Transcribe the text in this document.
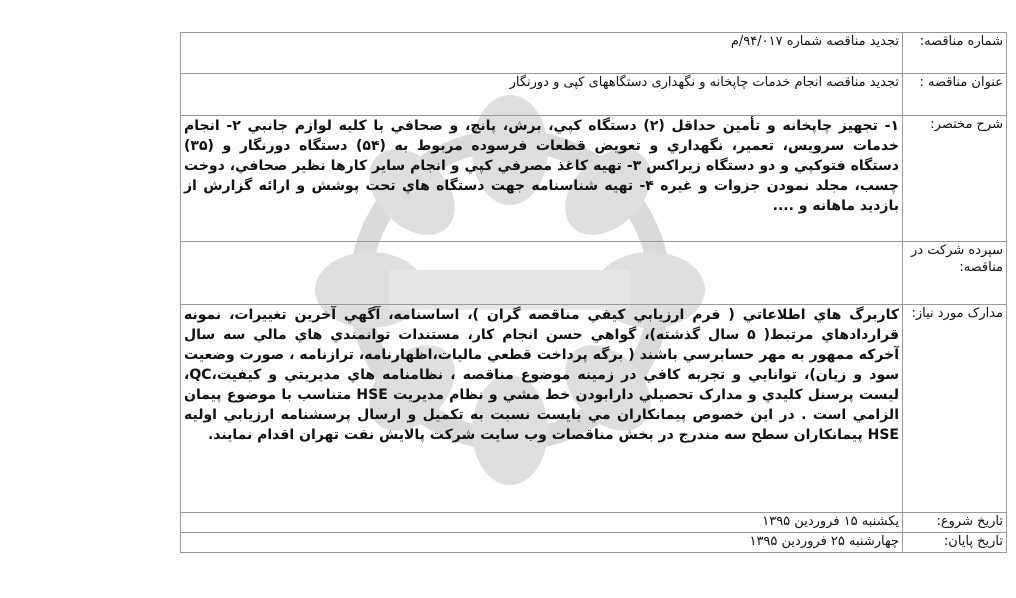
شماره مناقصه:	تجدید مناقصه شماره ۹۴/۰۱۷/م
عنوان مناقصه :	تجدید مناقصه انجام خدمات چاپخانه و نگهداری دستگاههای کپی و دورنگار
شرح مختصر:	۱- تجهیز چاپخانه و تأمین حداقل (۲) دستگاه کپي، برش، پانچ، و صحافي با کلیه لوازم جانبي ۲- انجام خدمات سرویس، تعمیر، نگهداري و تعویض قطعات فرسوده مربوط به (۵۴) دستگاه دورنگار و (۳۵) دستگاه فتوکپي و دو دستگاه زیراکس ۳- تهیه کاغذ مصرفي کپي و انجام سایر کارها نظیر صحافي، دوخت چسب، مجلد نمودن جزوات و غیره ۴- تهیه شناسنامه جهت دستگاه هاي تحت پوشش و ارائه گزارش از بازدید ماهانه و ....
سپرده شرکت در مناقصه:	
مدارک مورد نیاز:	کاربرگ هاي اطلاعاتي ( فرم ارزیابي کیفي مناقصه گران )، اساسنامه، آگهي آخرین تغییرات، نمونه قراردادهاي مرتبط( ۵ سال گذشته)، گواهي حسن انجام کار، مستندات توانمندي هاي مالي سه سال آخرکه ممهور به مهر حسابرسي باشند ( برگه پرداخت قطعي مالیات،اظهارنامه، ترازنامه ، صورت وضعیت سود و زیان)، توانایي و تجربه کافي در زمینه موضوع مناقصه ، نظامنامه هاي مدیریتي و کیفیت،QC، لیست پرسنل کلیدي و مدارک تحصیلي دارابودن خط مشي و نظام مدیریت HSE متناسب با موضوع پیمان الزامي است . در این خصوص پیمانکاران مي بایست نسبت به تکمیل و ارسال پرسشنامه ارزیابي اولیه HSE پیمانکاران سطح سه مندرج در بخش مناقصات وب سایت شرکت پالایش نفت تهران اقدام نمایند.
تاریخ شروع:	یکشنبه ۱۵ فروردین ۱۳۹۵
تاریخ پایان:	چهارشنبه ۲۵ فروردین ۱۳۹۵
